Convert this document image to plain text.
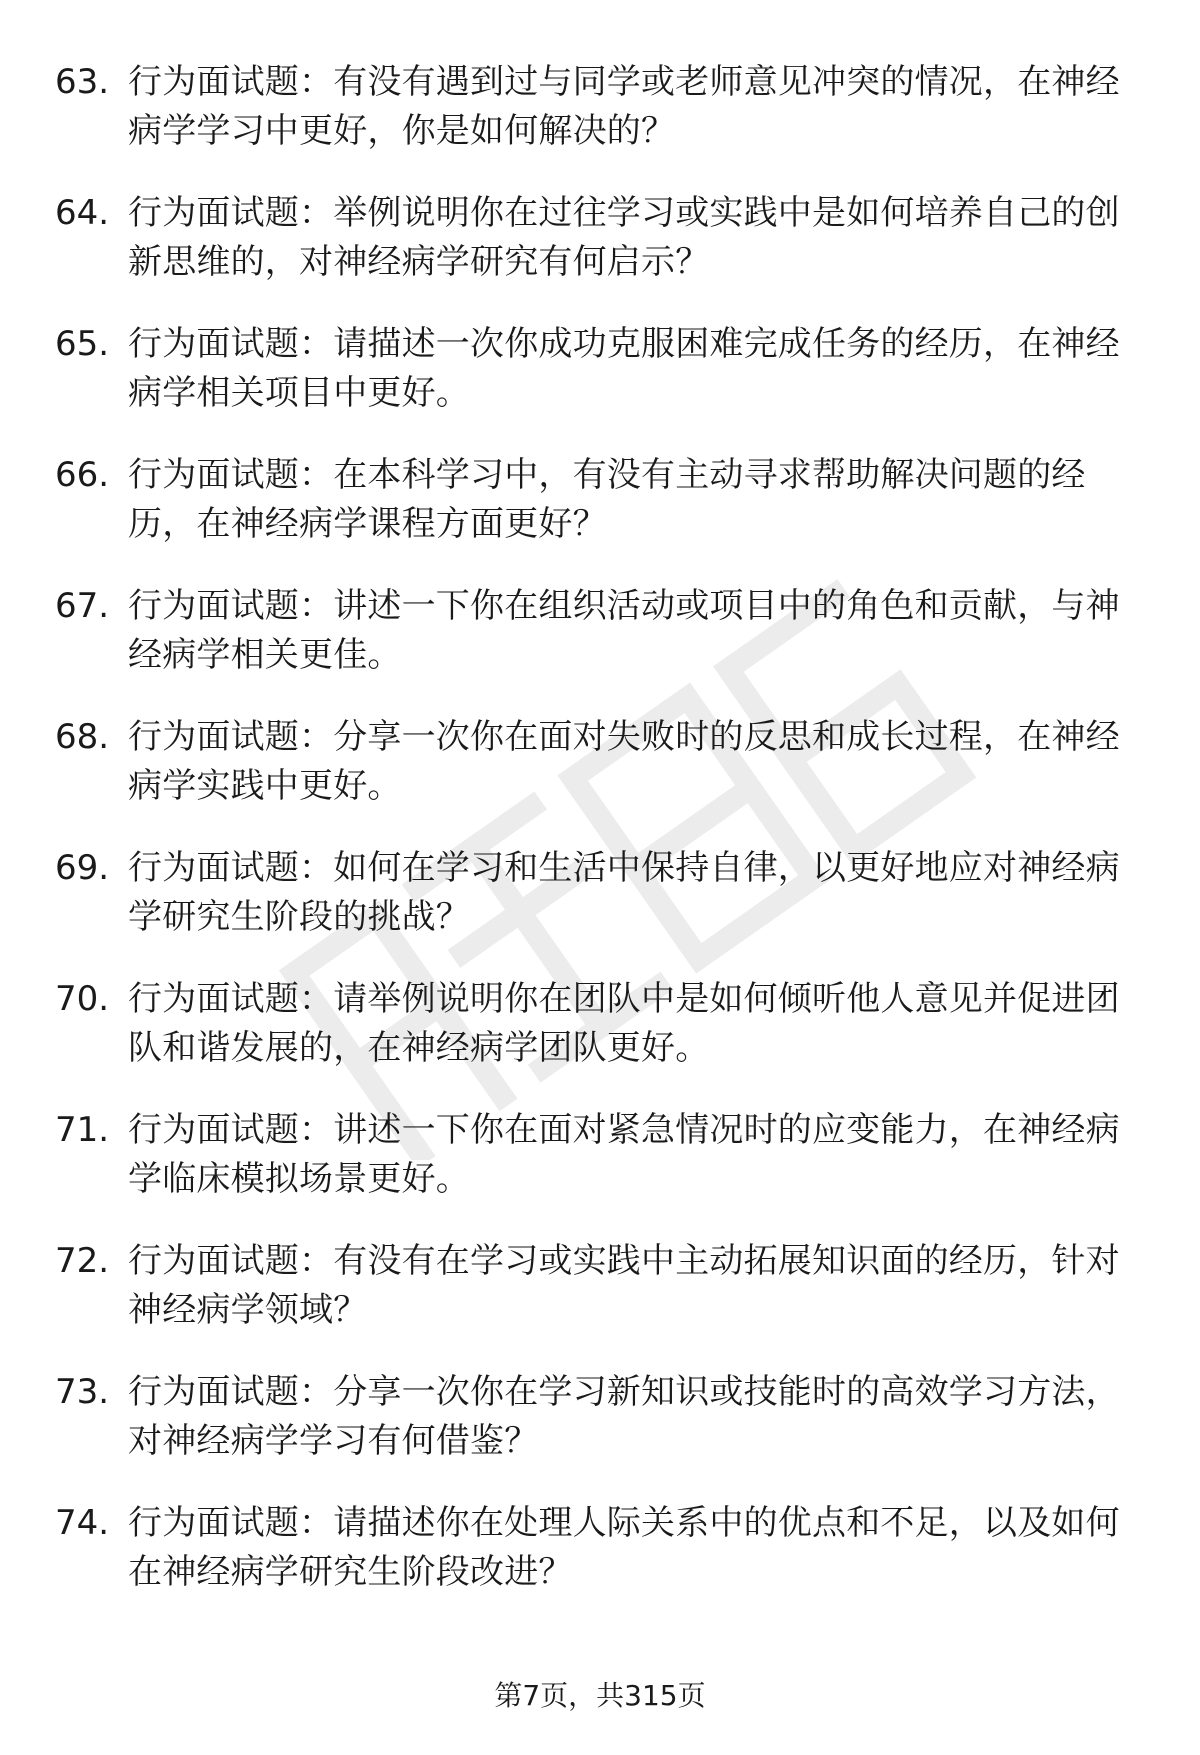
63. 行为面试题：有没有遇到过与同学或老师意见冲突的情况，在神经病学学习中更好，你是如何解决的？
64. 行为面试题：举例说明你在过往学习或实践中是如何培养自己的创新思维的，对神经病学研究有何启示？
65. 行为面试题：请描述一次你成功克服困难完成任务的经历，在神经病学相关项目中更好。
66. 行为面试题：在本科学习中，有没有主动寻求帮助解决问题的经历，在神经病学课程方面更好？
67. 行为面试题：讲述一下你在组织活动或项目中的角色和贡献，与神经病学相关更佳。
68. 行为面试题：分享一次你在面对失败时的反思和成长过程，在神经病学实践中更好。
69. 行为面试题：如何在学习和生活中保持自律，以更好地应对神经病学研究生阶段的挑战？
70. 行为面试题：请举例说明你在团队中是如何倾听他人意见并促进团队和谐发展的，在神经病学团队更好。
71. 行为面试题：讲述一下你在面对紧急情况时的应变能力，在神经病学临床模拟场景更好。
72. 行为面试题：有没有在学习或实践中主动拓展知识面的经历，针对神经病学领域？
73. 行为面试题：分享一次你在学习新知识或技能时的高效学习方法，对神经病学学习有何借鉴？
74. 行为面试题：请描述你在处理人际关系中的优点和不足，以及如何在神经病学研究生阶段改进？
第7页，共315页
